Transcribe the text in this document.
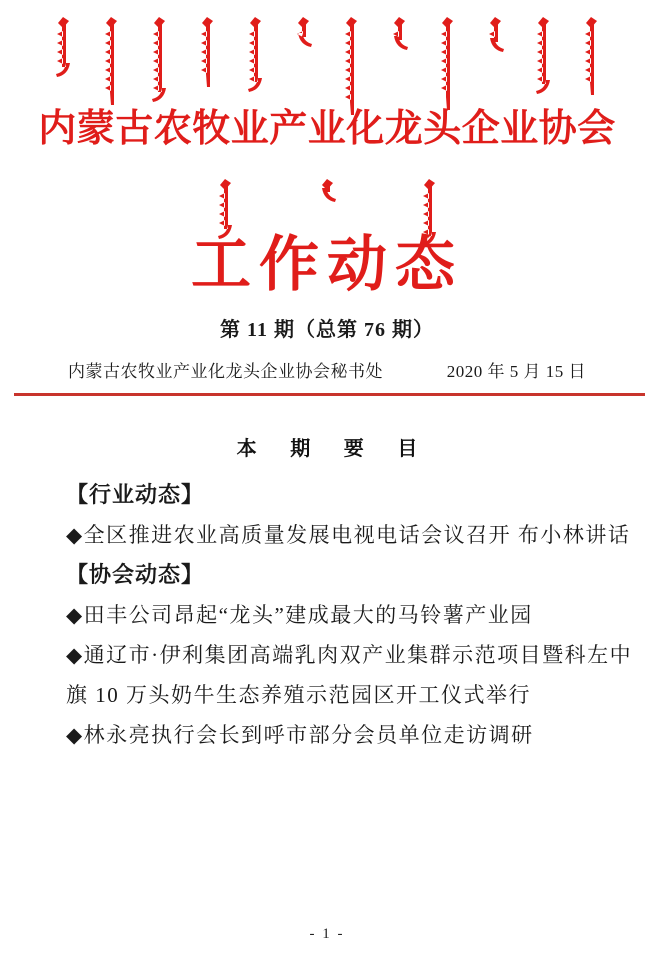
内蒙古农牧业产业化龙头企业协会
工作动态
第 11 期（总第 76 期）
内蒙古农牧业产业化龙头企业协会秘书处	2020 年 5 月 15 日
本 期 要 目
【行业动态】
◆全区推进农业高质量发展电视电话会议召开 布小林讲话
【协会动态】
◆田丰公司昂起“龙头”建成最大的马铃薯产业园
◆通辽市·伊利集团高端乳肉双产业集群示范项目暨科左中
旗 10 万头奶牛生态养殖示范园区开工仪式举行
◆林永亮执行会长到呼市部分会员单位走访调研
- 1 -
